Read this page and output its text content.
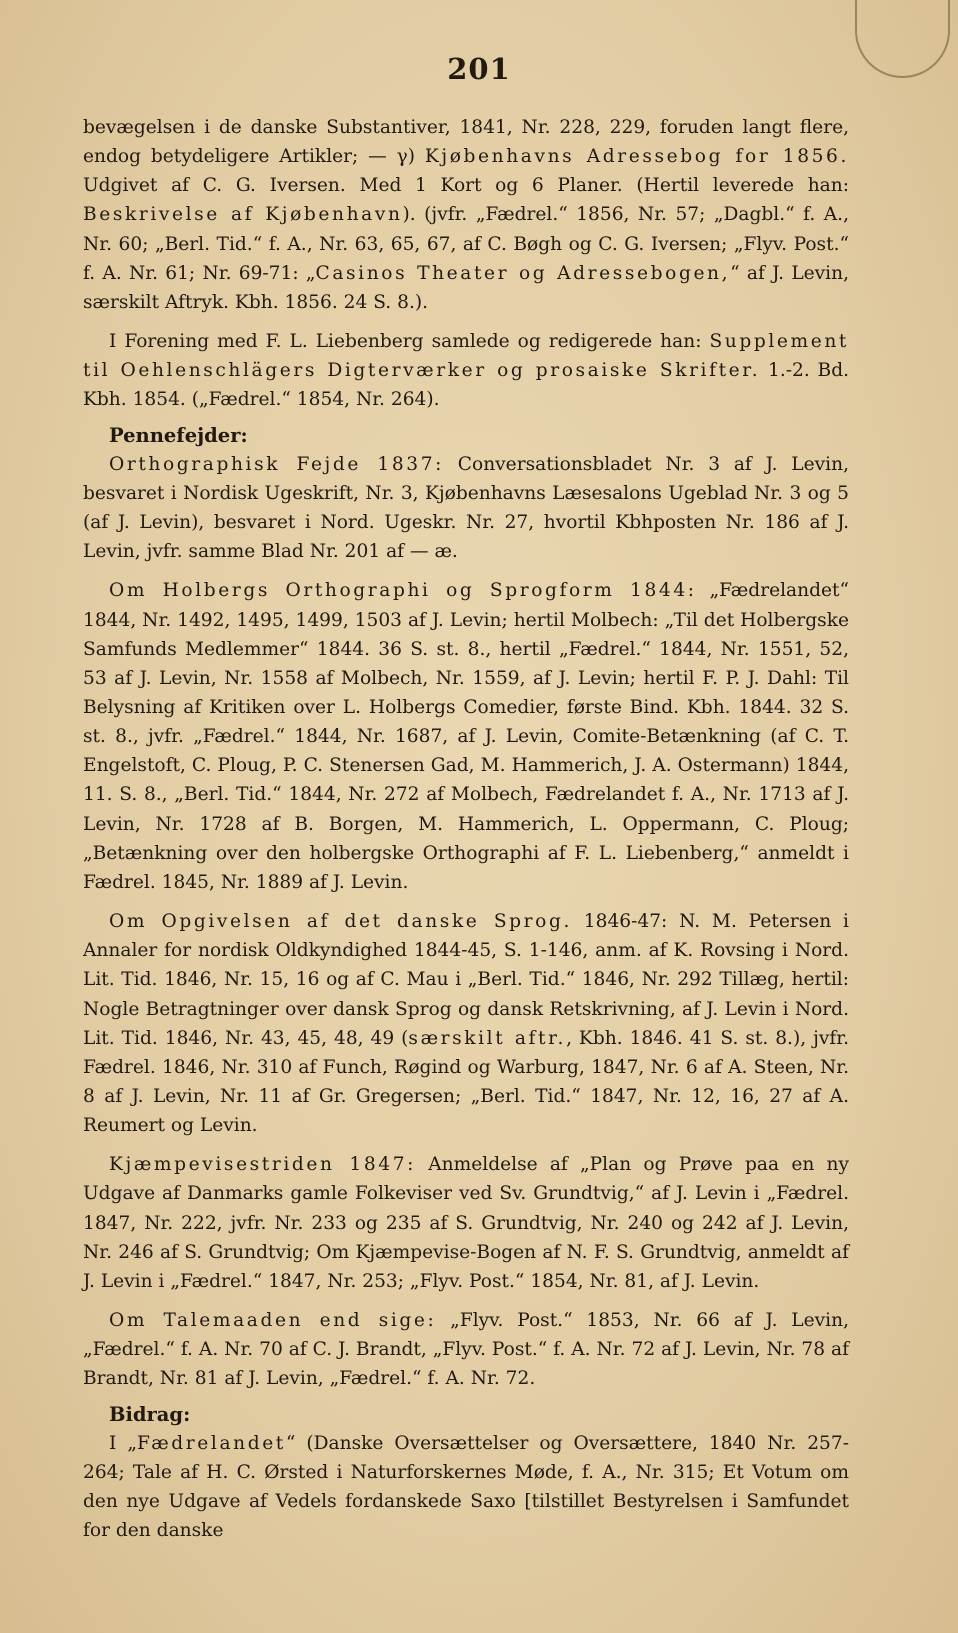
201

bevægelsen i de danske Substantiver, 1841, Nr. 228, 229, foruden langt flere, endog betydeligere Artikler; — γ) Kjøbenhavns Adressebog for 1856. Udgivet af C. G. Iversen. Med 1 Kort og 6 Planer. (Hertil leverede han: Beskrivelse af Kjøbenhavn). (jvfr. „Fædrel.“ 1856, Nr. 57; „Dagbl.“ f. A., Nr. 60; „Berl. Tid.“ f. A., Nr. 63, 65, 67, af C. Bøgh og C. G. Iversen; „Flyv. Post.“ f. A. Nr. 61; Nr. 69-71: „Casinos Theater og Adressebogen,“ af J. Levin, særskilt Aftryk. Kbh. 1856. 24 S. 8.).

I Forening med F. L. Liebenberg samlede og redigerede han: Supplement til Oehlenschlägers Digterværker og prosaiske Skrifter. 1.-2. Bd. Kbh. 1854. („Fædrel.“ 1854, Nr. 264).

Pennefejder:

Orthographisk Fejde 1837: Conversationsbladet Nr. 3 af J. Levin, besvaret i Nordisk Ugeskrift, Nr. 3, Kjøbenhavns Læsesalons Ugeblad Nr. 3 og 5 (af J. Levin), besvaret i Nord. Ugeskr. Nr. 27, hvortil Kbhposten Nr. 186 af J. Levin, jvfr. samme Blad Nr. 201 af — æ.

Om Holbergs Orthographi og Sprogform 1844: „Fædrelandet“ 1844, Nr. 1492, 1495, 1499, 1503 af J. Levin; hertil Molbech: „Til det Holbergske Samfunds Medlemmer“ 1844. 36 S. st. 8., hertil „Fædrel.“ 1844, Nr. 1551, 52, 53 af J. Levin, Nr. 1558 af Molbech, Nr. 1559, af J. Levin; hertil F. P. J. Dahl: Til Belysning af Kritiken over L. Holbergs Comedier, første Bind. Kbh. 1844. 32 S. st. 8., jvfr. „Fædrel.“ 1844, Nr. 1687, af J. Levin, Comite-Betænkning (af C. T. Engelstoft, C. Ploug, P. C. Stenersen Gad, M. Hammerich, J. A. Ostermann) 1844, 11. S. 8., „Berl. Tid.“ 1844, Nr. 272 af Molbech, Fædrelandet f. A., Nr. 1713 af J. Levin, Nr. 1728 af B. Borgen, M. Hammerich, L. Oppermann, C. Ploug; „Betænkning over den holbergske Orthographi af F. L. Liebenberg,“ anmeldt i Fædrel. 1845, Nr. 1889 af J. Levin.

Om Opgivelsen af det danske Sprog. 1846-47: N. M. Petersen i Annaler for nordisk Oldkyndighed 1844-45, S. 1-146, anm. af K. Rovsing i Nord. Lit. Tid. 1846, Nr. 15, 16 og af C. Mau i „Berl. Tid.“ 1846, Nr. 292 Tillæg, hertil: Nogle Betragtninger over dansk Sprog og dansk Retskrivning, af J. Levin i Nord. Lit. Tid. 1846, Nr. 43, 45, 48, 49 (særskilt aftr., Kbh. 1846. 41 S. st. 8.), jvfr. Fædrel. 1846, Nr. 310 af Funch, Røgind og Warburg, 1847, Nr. 6 af A. Steen, Nr. 8 af J. Levin, Nr. 11 af Gr. Gregersen; „Berl. Tid.“ 1847, Nr. 12, 16, 27 af A. Reumert og Levin.

Kjæmpevisestriden 1847: Anmeldelse af „Plan og Prøve paa en ny Udgave af Danmarks gamle Folkeviser ved Sv. Grundtvig,“ af J. Levin i „Fædrel. 1847, Nr. 222, jvfr. Nr. 233 og 235 af S. Grundtvig, Nr. 240 og 242 af J. Levin, Nr. 246 af S. Grundtvig; Om Kjæmpevise-Bogen af N. F. S. Grundtvig, anmeldt af J. Levin i „Fædrel.“ 1847, Nr. 253; „Flyv. Post.“ 1854, Nr. 81, af J. Levin.

Om Talemaaden end sige: „Flyv. Post.“ 1853, Nr. 66 af J. Levin, „Fædrel.“ f. A. Nr. 70 af C. J. Brandt, „Flyv. Post.“ f. A. Nr. 72 af J. Levin, Nr. 78 af Brandt, Nr. 81 af J. Levin, „Fædrel.“ f. A. Nr. 72.

Bidrag:

I „Fædrelandet“ (Danske Oversættelser og Oversættere, 1840 Nr. 257-264; Tale af H. C. Ørsted i Naturforskernes Møde, f. A., Nr. 315; Et Votum om den nye Udgave af Vedels fordanskede Saxo [tilstillet Bestyrelsen i Samfundet for den danske
